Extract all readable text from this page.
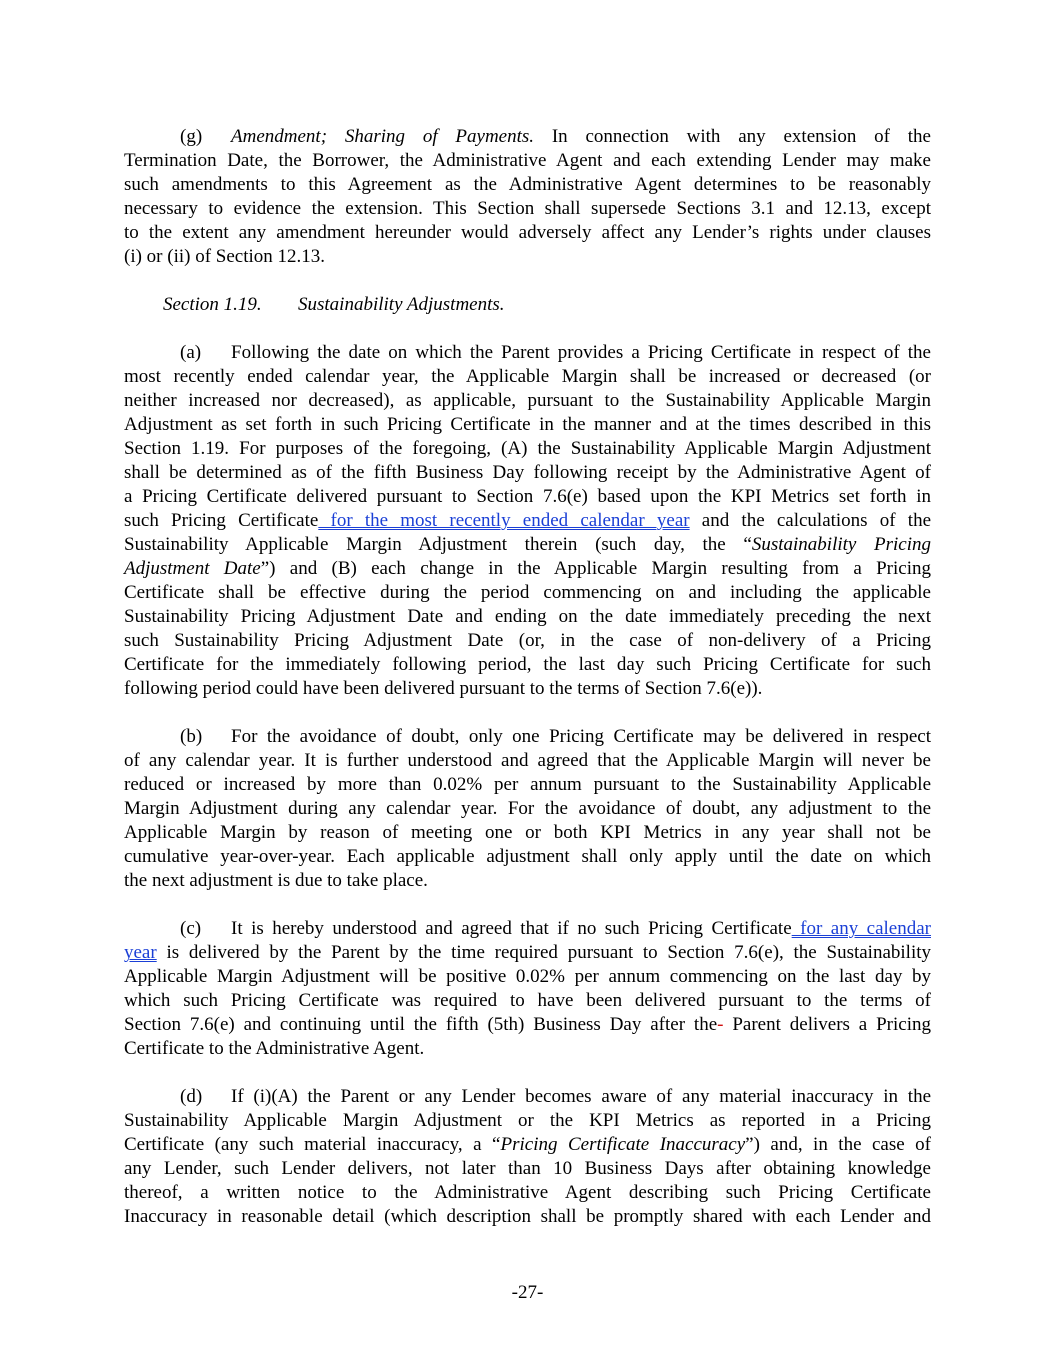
(g) Amendment; Sharing of Payments. In connection with any extension of the
Termination Date, the Borrower, the Administrative Agent and each extending Lender may make
such amendments to this Agreement as the Administrative Agent determines to be reasonably
necessary to evidence the extension. This Section shall supersede Sections 3.1 and 12.13, except
to the extent any amendment hereunder would adversely affect any Lender’s rights under clauses
(i) or (ii) of Section 12.13.
Section 1.19. Sustainability Adjustments.
(a) Following the date on which the Parent provides a Pricing Certificate in respect of the
most recently ended calendar year, the Applicable Margin shall be increased or decreased (or
neither increased nor decreased), as applicable, pursuant to the Sustainability Applicable Margin
Adjustment as set forth in such Pricing Certificate in the manner and at the times described in this
Section 1.19. For purposes of the foregoing, (A) the Sustainability Applicable Margin Adjustment
shall be determined as of the fifth Business Day following receipt by the Administrative Agent of
a Pricing Certificate delivered pursuant to Section 7.6(e) based upon the KPI Metrics set forth in
such Pricing Certificate for the most recently ended calendar year and the calculations of the
Sustainability Applicable Margin Adjustment therein (such day, the “Sustainability Pricing
Adjustment Date”) and (B) each change in the Applicable Margin resulting from a Pricing
Certificate shall be effective during the period commencing on and including the applicable
Sustainability Pricing Adjustment Date and ending on the date immediately preceding the next
such Sustainability Pricing Adjustment Date (or, in the case of non-delivery of a Pricing
Certificate for the immediately following period, the last day such Pricing Certificate for such
following period could have been delivered pursuant to the terms of Section 7.6(e)).
(b) For the avoidance of doubt, only one Pricing Certificate may be delivered in respect
of any calendar year. It is further understood and agreed that the Applicable Margin will never be
reduced or increased by more than 0.02% per annum pursuant to the Sustainability Applicable
Margin Adjustment during any calendar year. For the avoidance of doubt, any adjustment to the
Applicable Margin by reason of meeting one or both KPI Metrics in any year shall not be
cumulative year-over-year. Each applicable adjustment shall only apply until the date on which
the next adjustment is due to take place.
(c) It is hereby understood and agreed that if no such Pricing Certificate for any calendar
year is delivered by the Parent by the time required pursuant to Section 7.6(e), the Sustainability
Applicable Margin Adjustment will be positive 0.02% per annum commencing on the last day by
which such Pricing Certificate was required to have been delivered pursuant to the terms of
Section 7.6(e) and continuing until the fifth (5th) Business Day after the- Parent delivers a Pricing
Certificate to the Administrative Agent.
(d) If (i)(A) the Parent or any Lender becomes aware of any material inaccuracy in the
Sustainability Applicable Margin Adjustment or the KPI Metrics as reported in a Pricing
Certificate (any such material inaccuracy, a “Pricing Certificate Inaccuracy”) and, in the case of
any Lender, such Lender delivers, not later than 10 Business Days after obtaining knowledge
thereof, a written notice to the Administrative Agent describing such Pricing Certificate
Inaccuracy in reasonable detail (which description shall be promptly shared with each Lender and
-27-
